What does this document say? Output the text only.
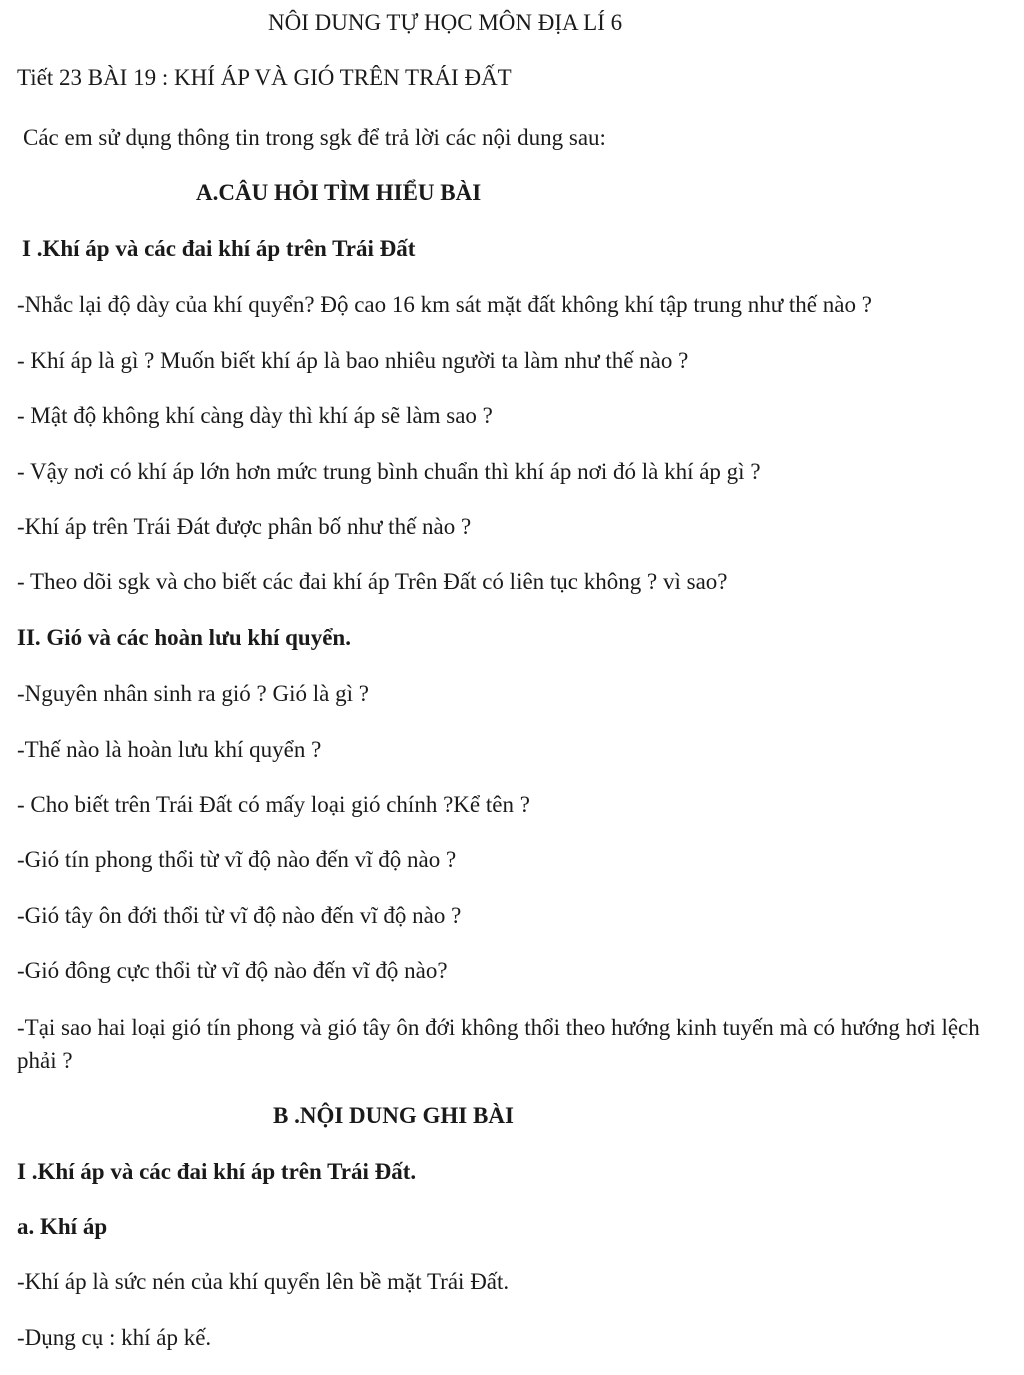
NÔI DUNG TỰ HỌC MÔN ĐỊA LÍ 6

Tiết 23 BÀI 19 : KHÍ ÁP VÀ GIÓ TRÊN TRÁI ĐẤT

Các em sử dụng thông tin trong sgk để trả lời các nội dung sau:

A.CÂU HỎI TÌM HIỂU BÀI

I .Khí áp và các đai khí áp trên Trái Đất

-Nhắc lại độ dày của khí quyển? Độ cao 16 km sát mặt đất không khí tập trung như thế nào ?

- Khí áp là gì ? Muốn biết khí áp là bao nhiêu người ta làm như thế nào ?

- Mật độ không khí càng dày thì khí áp sẽ làm sao ?

- Vậy nơi có khí áp lớn hơn mức trung bình chuẩn thì khí áp nơi đó là khí áp gì ?

-Khí áp trên Trái Đát được phân bố như thế nào ?

- Theo dõi sgk và cho biết các đai khí áp Trên Đất có liên tục không ? vì sao?

II. Gió và các hoàn lưu khí quyển.

-Nguyên nhân sinh ra gió ? Gió là gì ?

-Thế nào là hoàn lưu khí quyển ?

- Cho biết trên Trái Đất có mấy loại gió chính ?Kể tên ?

-Gió tín phong thổi từ vĩ độ nào đến vĩ độ nào ?

-Gió tây ôn đới thổi từ vĩ độ nào đến vĩ độ nào ?

-Gió đông cực thổi từ vĩ độ nào đến vĩ độ nào?

-Tại sao hai loại gió tín phong và gió tây ôn đới không thổi theo hướng kinh tuyến mà có hướng hơi lệch phải ?

B .NỘI DUNG GHI BÀI

I .Khí áp và các đai khí áp trên Trái Đất.

a. Khí áp

-Khí áp là sức nén của khí quyển lên bề mặt Trái Đất.

-Dụng cụ : khí áp kế.
